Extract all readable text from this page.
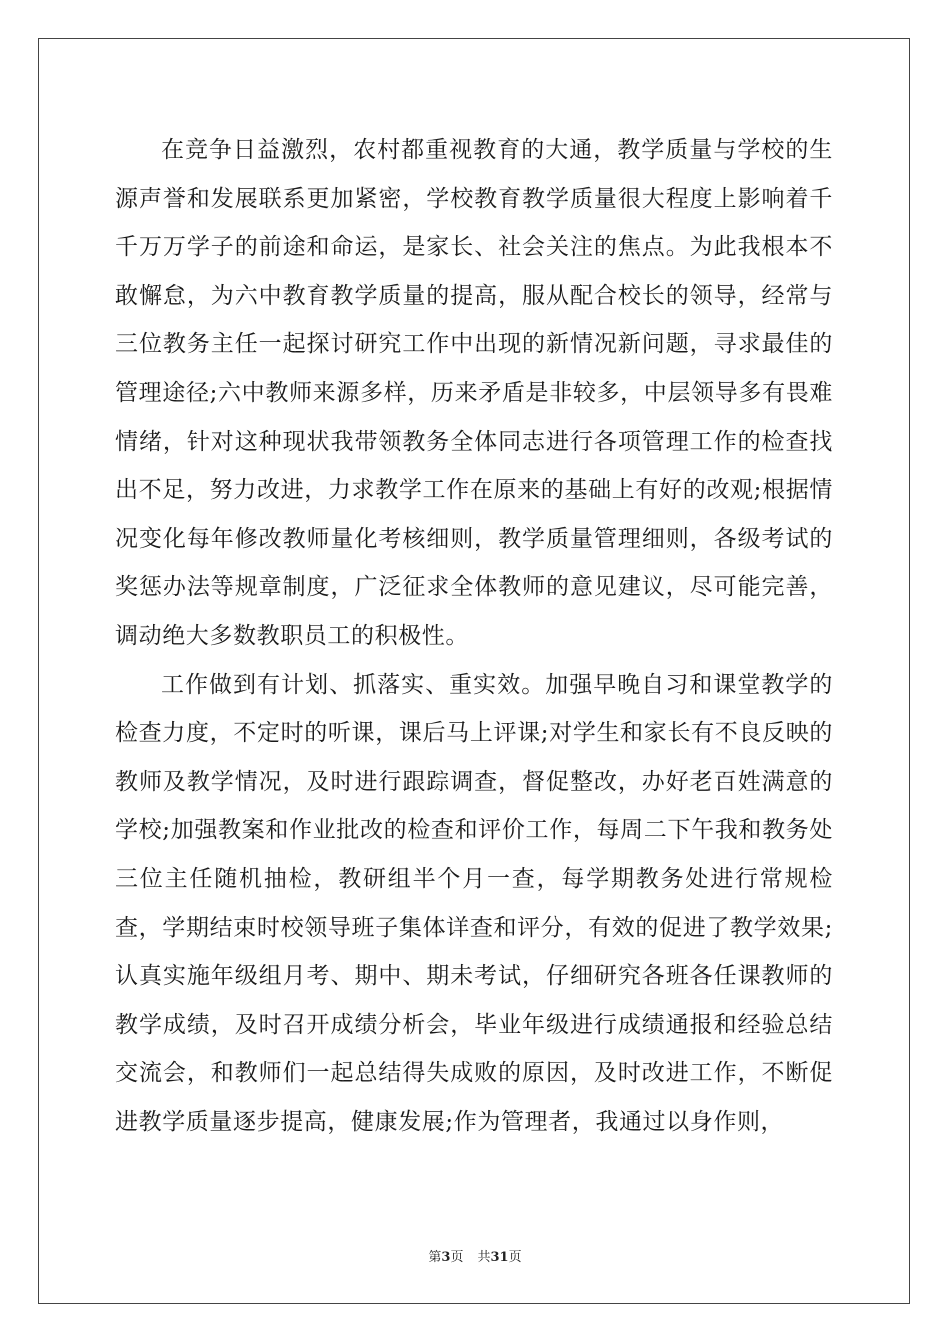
在竞争日益激烈，农村都重视教育的大通，教学质量与学校的生源声誉和发展联系更加紧密，学校教育教学质量很大程度上影响着千千万万学子的前途和命运，是家长、社会关注的焦点。为此我根本不敢懈怠，为六中教育教学质量的提高，服从配合校长的领导，经常与三位教务主任一起探讨研究工作中出现的新情况新问题，寻求最佳的管理途径;六中教师来源多样，历来矛盾是非较多，中层领导多有畏难情绪，针对这种现状我带领教务全体同志进行各项管理工作的检查找出不足，努力改进，力求教学工作在原来的基础上有好的改观;根据情况变化每年修改教师量化考核细则，教学质量管理细则，各级考试的奖惩办法等规章制度，广泛征求全体教师的意见建议，尽可能完善，调动绝大多数教职员工的积极性。

工作做到有计划、抓落实、重实效。加强早晚自习和课堂教学的检查力度，不定时的听课，课后马上评课;对学生和家长有不良反映的教师及教学情况，及时进行跟踪调查，督促整改，办好老百姓满意的学校;加强教案和作业批改的检查和评价工作，每周二下午我和教务处三位主任随机抽检，教研组半个月一查，每学期教务处进行常规检查，学期结束时校领导班子集体详查和评分，有效的促进了教学效果;认真实施年级组月考、期中、期未考试，仔细研究各班各任课教师的教学成绩，及时召开成绩分析会，毕业年级进行成绩通报和经验总结交流会，和教师们一起总结得失成败的原因，及时改进工作，不断促进教学质量逐步提高，健康发展;作为管理者，我通过以身作则，

第3页 共31页
